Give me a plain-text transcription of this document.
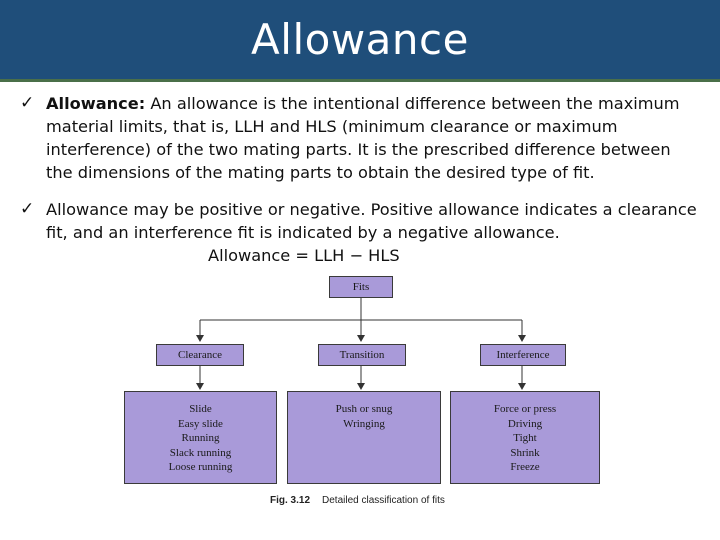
Allowance
✓ Allowance: An allowance is the intentional difference between the maximum material limits, that is, LLH and HLS (minimum clearance or maximum interference) of the two mating parts. It is the prescribed difference between the dimensions of the mating parts to obtain the desired type of fit.
✓ Allowance may be positive or negative. Positive allowance indicates a clearance fit, and an interference fit is indicated by a negative allowance.
Allowance = LLH − HLS
Fits
Clearance	Transition	Interference
Slide
Easy slide
Running
Slack running
Loose running
Push or snug
Wringing
Force or press
Driving
Tight
Shrink
Freeze
Fig. 3.12 Detailed classification of fits
